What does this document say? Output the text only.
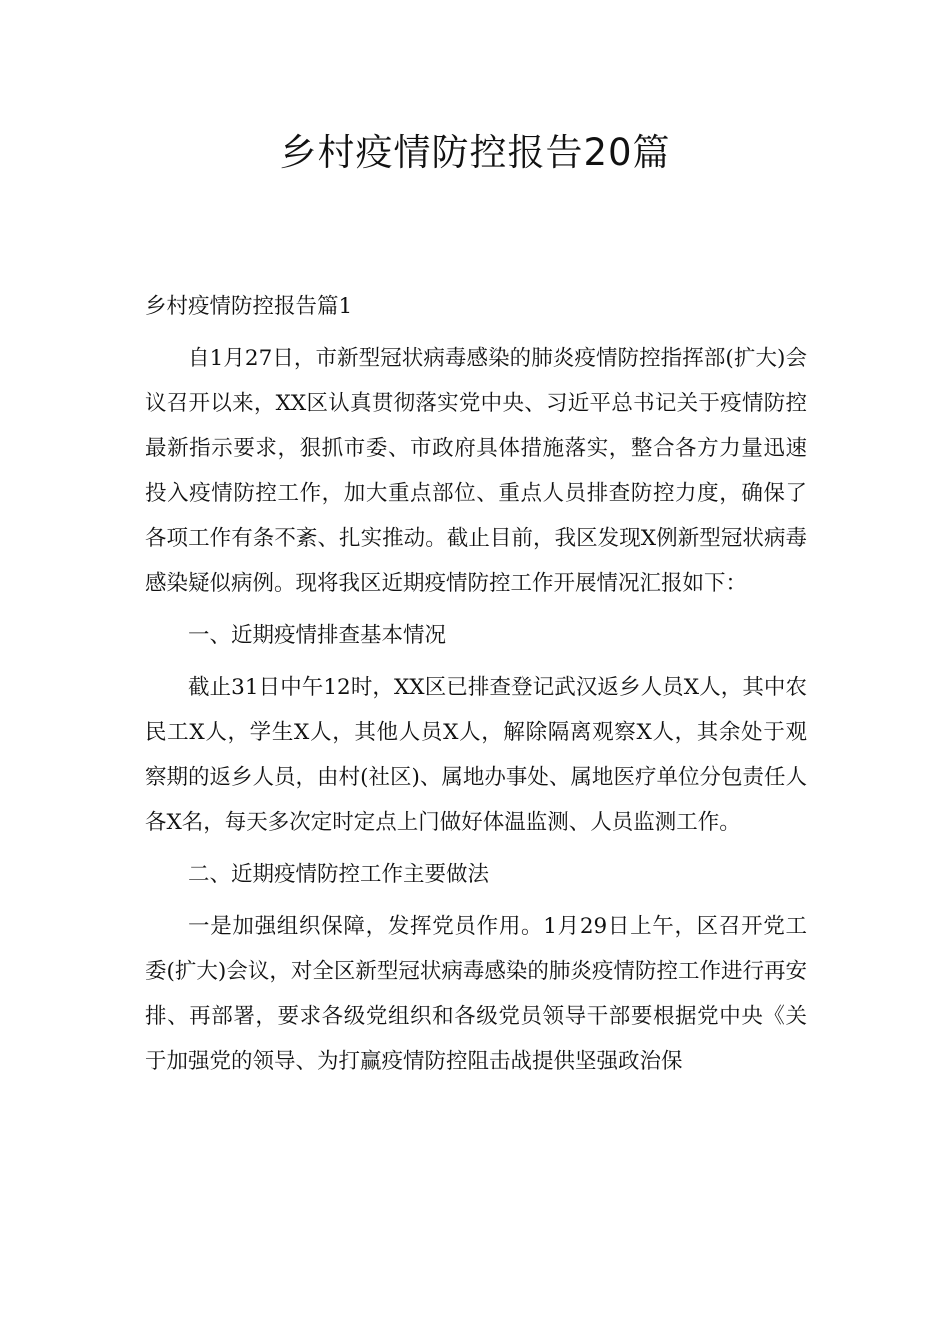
乡村疫情防控报告20篇

乡村疫情防控报告篇1

自1月27日，市新型冠状病毒感染的肺炎疫情防控指挥部(扩大)会议召开以来，XX区认真贯彻落实党中央、习近平总书记关于疫情防控最新指示要求，狠抓市委、市政府具体措施落实，整合各方力量迅速投入疫情防控工作，加大重点部位、重点人员排查防控力度，确保了各项工作有条不紊、扎实推动。截止目前，我区发现X例新型冠状病毒感染疑似病例。现将我区近期疫情防控工作开展情况汇报如下：

一、近期疫情排查基本情况

截止31日中午12时，XX区已排查登记武汉返乡人员X人，其中农民工X人，学生X人，其他人员X人，解除隔离观察X人，其余处于观察期的返乡人员，由村(社区)、属地办事处、属地医疗单位分包责任人各X名，每天多次定时定点上门做好体温监测、人员监测工作。

二、近期疫情防控工作主要做法

一是加强组织保障，发挥党员作用。1月29日上午，区召开党工委(扩大)会议，对全区新型冠状病毒感染的肺炎疫情防控工作进行再安排、再部署，要求各级党组织和各级党员领导干部要根据党中央《关于加强党的领导、为打赢疫情防控阻击战提供坚强政治保
